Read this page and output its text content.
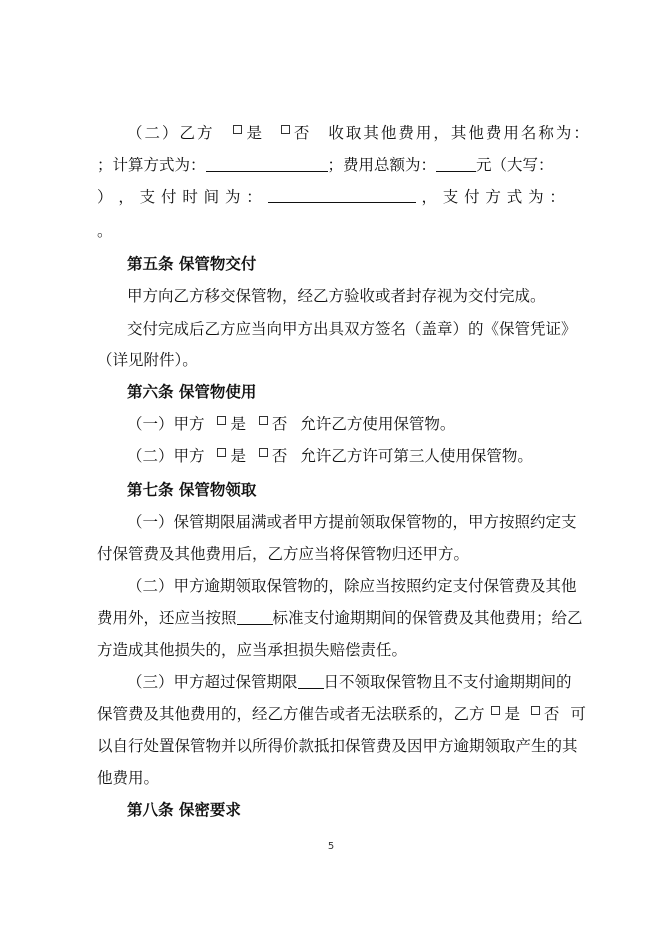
（二）乙方 是 否 收取其他费用，其他费用名称为：
；计算方式为：	；费用总额为：	元（大写：
） ， 支 付 时 间 为 ：	， 支 付 方 式 为 ：
。
第五条 保管物交付
甲方向乙方移交保管物，经乙方验收或者封存视为交付完成。
交付完成后乙方应当向甲方出具双方签名（盖章）的《保管凭证》
（详见附件）。
第六条 保管物使用
（一）甲方 是 否 允许乙方使用保管物。
（二）甲方 是 否 允许乙方许可第三人使用保管物。
第七条 保管物领取
（一）保管期限届满或者甲方提前领取保管物的，甲方按照约定支
付保管费及其他费用后，乙方应当将保管物归还甲方。
（二）甲方逾期领取保管物的，除应当按照约定支付保管费及其他
费用外，还应当按照 标准支付逾期期间的保管费及其他费用；给乙
方造成其他损失的，应当承担损失赔偿责任。
（三）甲方超过保管期限 日不领取保管物且不支付逾期期间的
保管费及其他费用的，经乙方催告或者无法联系的，乙方 是 否 可
以自行处置保管物并以所得价款抵扣保管费及因甲方逾期领取产生的其
他费用。
第八条 保密要求
5
